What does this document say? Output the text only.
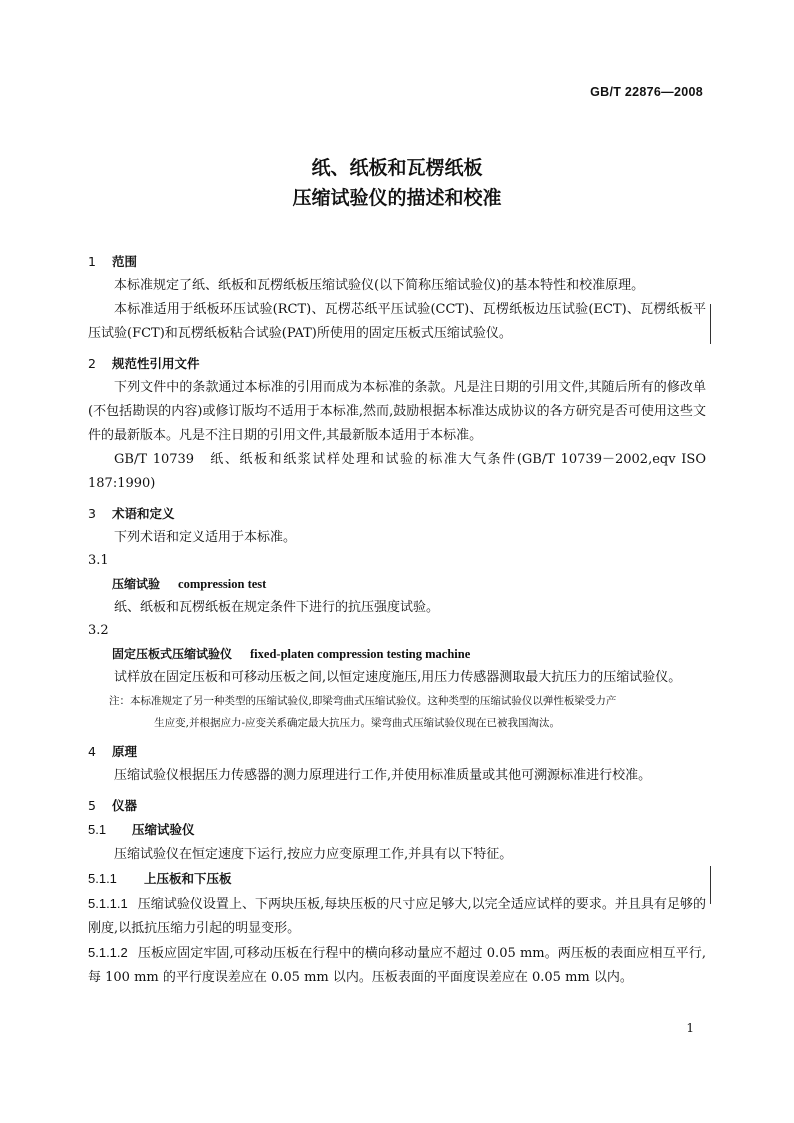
GB/T 22876—2008
纸、纸板和瓦楞纸板
压缩试验仪的描述和校准
1 范围
本标准规定了纸、纸板和瓦楞纸板压缩试验仪(以下简称压缩试验仪)的基本特性和校准原理。
本标准适用于纸板环压试验(RCT)、瓦楞芯纸平压试验(CCT)、瓦楞纸板边压试验(ECT)、瓦楞纸板平压试验(FCT)和瓦楞纸板粘合试验(PAT)所使用的固定压板式压缩试验仪。
2 规范性引用文件
下列文件中的条款通过本标准的引用而成为本标准的条款。凡是注日期的引用文件,其随后所有的修改单(不包括勘误的内容)或修订版均不适用于本标准,然而,鼓励根据本标准达成协议的各方研究是否可使用这些文件的最新版本。凡是不注日期的引用文件,其最新版本适用于本标准。
GB/T 10739　纸、纸板和纸浆试样处理和试验的标准大气条件(GB/T 10739－2002,eqv ISO 187:1990)
3 术语和定义
下列术语和定义适用于本标准。
3.1
压缩试验 compression test
纸、纸板和瓦楞纸板在规定条件下进行的抗压强度试验。
3.2
固定压板式压缩试验仪 fixed-platen compression testing machine
试样放在固定压板和可移动压板之间,以恒定速度施压,用压力传感器测取最大抗压力的压缩试验仪。
注：本标准规定了另一种类型的压缩试验仪,即梁弯曲式压缩试验仪。这种类型的压缩试验仪以弹性板梁受力产
生应变,并根据应力-应变关系确定最大抗压力。梁弯曲式压缩试验仪现在已被我国淘汰。
4 原理
压缩试验仪根据压力传感器的测力原理进行工作,并使用标准质量或其他可溯源标准进行校准。
5 仪器
5.1 压缩试验仪
压缩试验仪在恒定速度下运行,按应力应变原理工作,并具有以下特征。
5.1.1 上压板和下压板
5.1.1.1 压缩试验仪设置上、下两块压板,每块压板的尺寸应足够大,以完全适应试样的要求。并且具有足够的刚度,以抵抗压缩力引起的明显变形。
5.1.1.2 压板应固定牢固,可移动压板在行程中的横向移动量应不超过 0.05 mm。两压板的表面应相互平行,每 100 mm 的平行度误差应在 0.05 mm 以内。压板表面的平面度误差应在 0.05 mm 以内。
1
